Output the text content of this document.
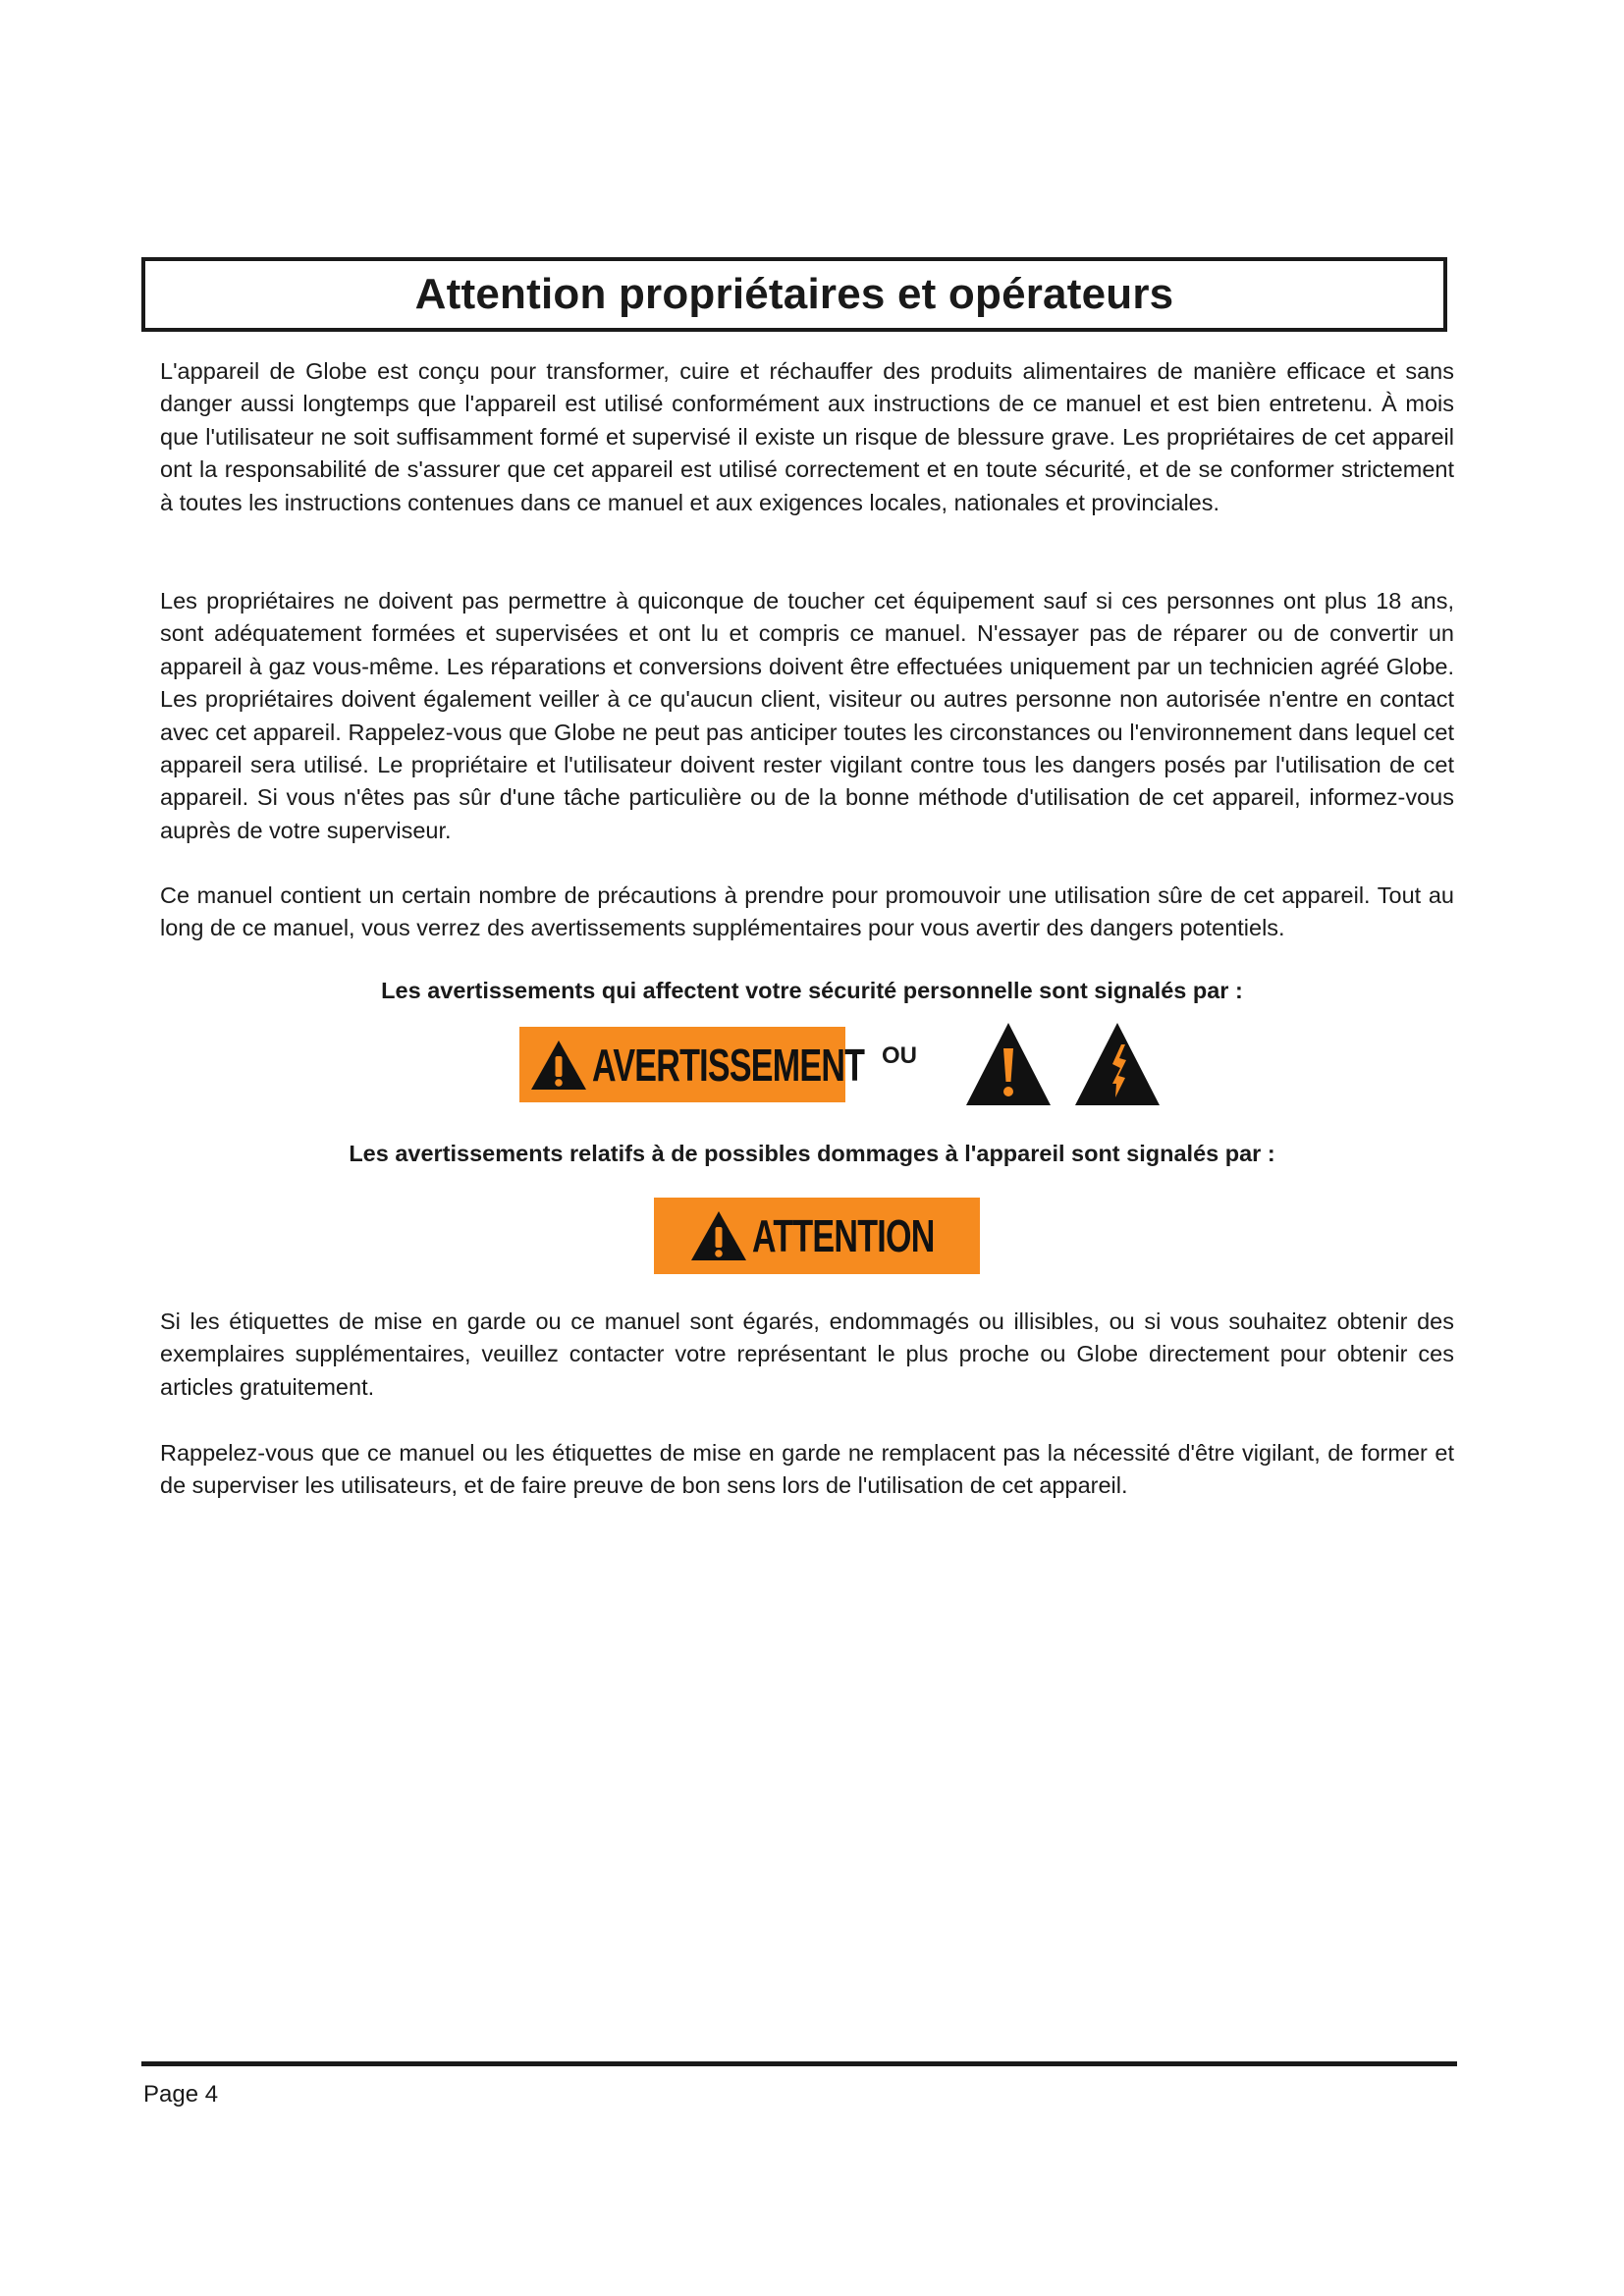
Attention propriétaires et opérateurs

L'appareil de Globe est conçu pour transformer, cuire et réchauffer des produits alimentaires de manière efficace et sans danger aussi longtemps que l'appareil est utilisé conformément aux instructions de ce manuel et est bien entretenu. À mois que l'utilisateur ne soit suffisamment formé et supervisé il existe un risque de blessure grave. Les propriétaires de cet appareil ont la responsabilité de s'assurer que cet appareil est utilisé correctement et en toute sécurité, et de se conformer strictement à toutes les instructions contenues dans ce manuel et aux exigences locales, nationales et provinciales.

Les propriétaires ne doivent pas permettre à quiconque de toucher cet équipement sauf si ces personnes ont plus 18 ans, sont adéquatement formées et supervisées et ont lu et compris ce manuel. N'essayer pas de réparer ou de convertir un appareil à gaz vous-même. Les réparations et conversions doivent être effectuées uniquement par un technicien agréé Globe. Les propriétaires doivent également veiller à ce qu'aucun client, visiteur ou autres personne non autorisée n'entre en contact avec cet appareil. Rappelez-vous que Globe ne peut pas anticiper toutes les circonstances ou l'environnement dans lequel cet appareil sera utilisé. Le propriétaire et l'utilisateur doivent rester vigilant contre tous les dangers posés par l'utilisation de cet appareil. Si vous n'êtes pas sûr d'une tâche particulière ou de la bonne méthode d'utilisation de cet appareil, informez-vous auprès de votre superviseur.

Ce manuel contient un certain nombre de précautions à prendre pour promouvoir une utilisation sûre de cet appareil. Tout au long de ce manuel, vous verrez des avertissements supplémentaires pour vous avertir des dangers potentiels.

Les avertissements qui affectent votre sécurité personnelle sont signalés par :

AVERTISSEMENT OU

Les avertissements relatifs à de possibles dommages à l'appareil sont signalés par :

ATTENTION

Si les étiquettes de mise en garde ou ce manuel sont égarés, endommagés ou illisibles, ou si vous souhaitez obtenir des exemplaires supplémentaires, veuillez contacter votre représentant le plus proche ou Globe directement pour obtenir ces articles gratuitement.

Rappelez-vous que ce manuel ou les étiquettes de mise en garde ne remplacent pas la nécessité d'être vigilant, de former et de superviser les utilisateurs, et de faire preuve de bon sens lors de l'utilisation de cet appareil.

Page 4
